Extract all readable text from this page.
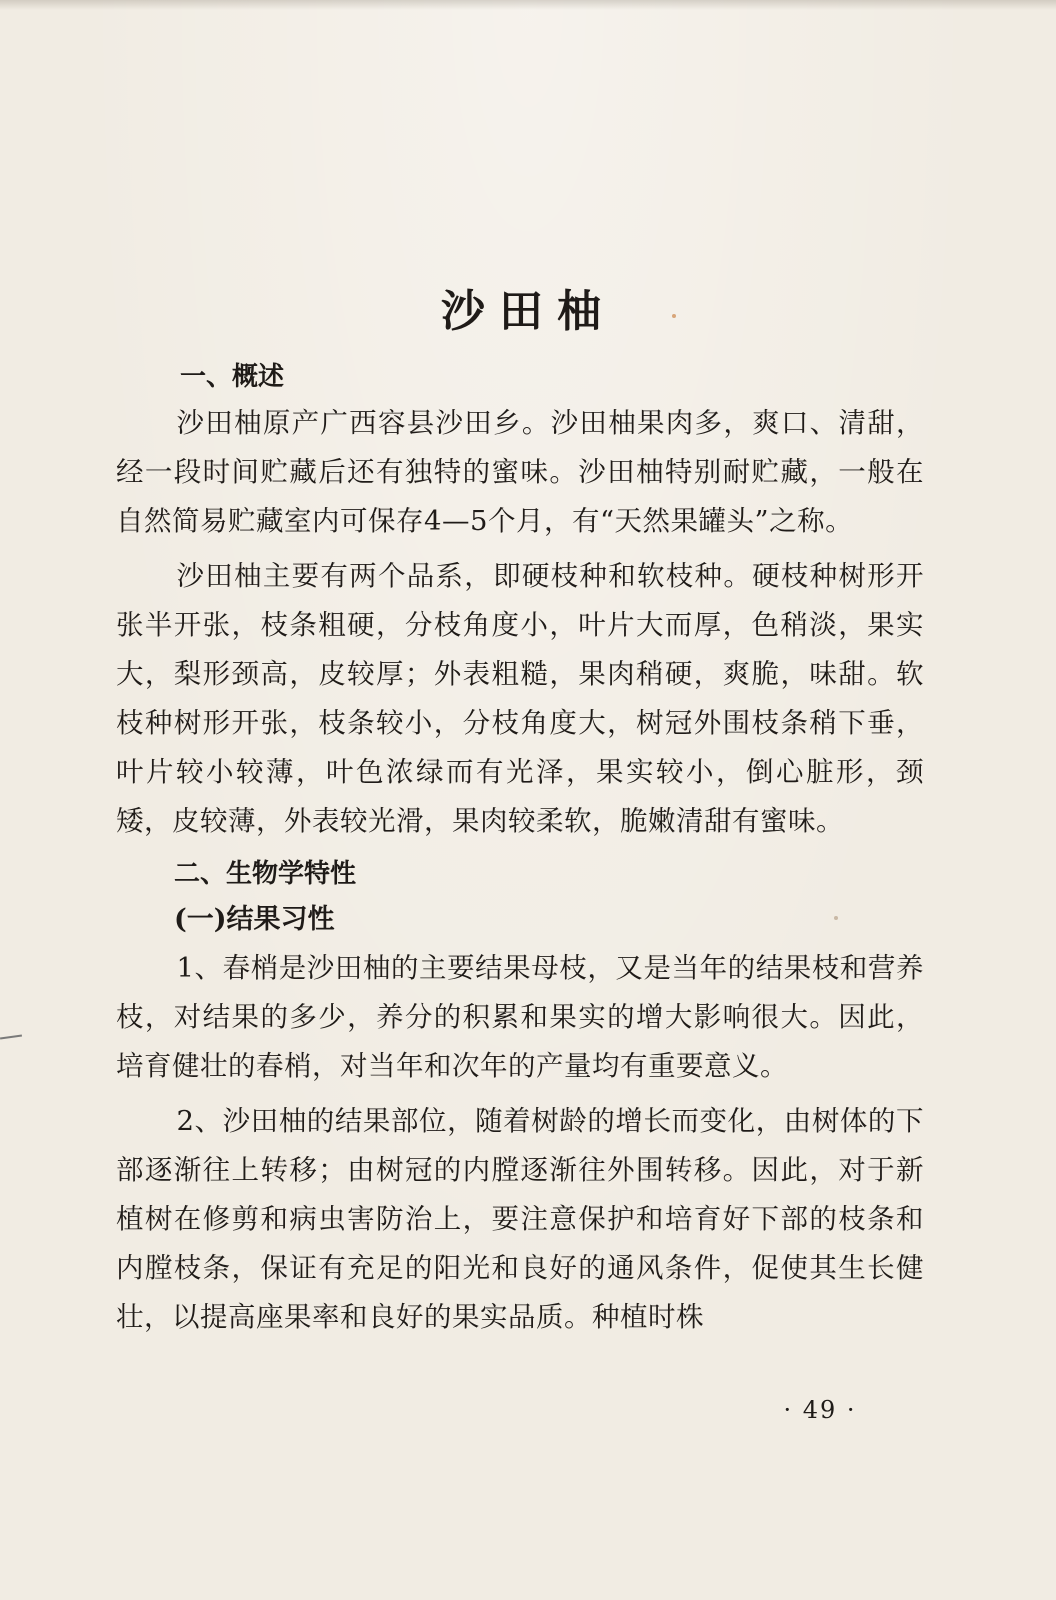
沙田柚
一、概述

沙田柚原产广西容县沙田乡。沙田柚果肉多，爽口、清甜，经一段时间贮藏后还有独特的蜜味。沙田柚特别耐贮藏，一般在自然简易贮藏室内可保存4—5个月，有“天然果罐头”之称。

沙田柚主要有两个品系，即硬枝种和软枝种。硬枝种树形开张半开张，枝条粗硬，分枝角度小，叶片大而厚，色稍淡，果实大，梨形颈高，皮较厚；外表粗糙，果肉稍硬，爽脆，味甜。软枝种树形开张，枝条较小，分枝角度大，树冠外围枝条稍下垂，叶片较小较薄，叶色浓绿而有光泽，果实较小，倒心脏形，颈矮，皮较薄，外表较光滑，果肉较柔软，脆嫩清甜有蜜味。

二、生物学特性
(一)结果习性

1、春梢是沙田柚的主要结果母枝，又是当年的结果枝和营养枝，对结果的多少，养分的积累和果实的增大影响很大。因此，培育健壮的春梢，对当年和次年的产量均有重要意义。

2、沙田柚的结果部位，随着树龄的增长而变化，由树体的下部逐渐往上转移；由树冠的内膛逐渐往外围转移。因此，对于新植树在修剪和病虫害防治上，要注意保护和培育好下部的枝条和内膛枝条，保证有充足的阳光和良好的通风条件，促使其生长健壮，以提高座果率和良好的果实品质。种植时株

· 49 ·
